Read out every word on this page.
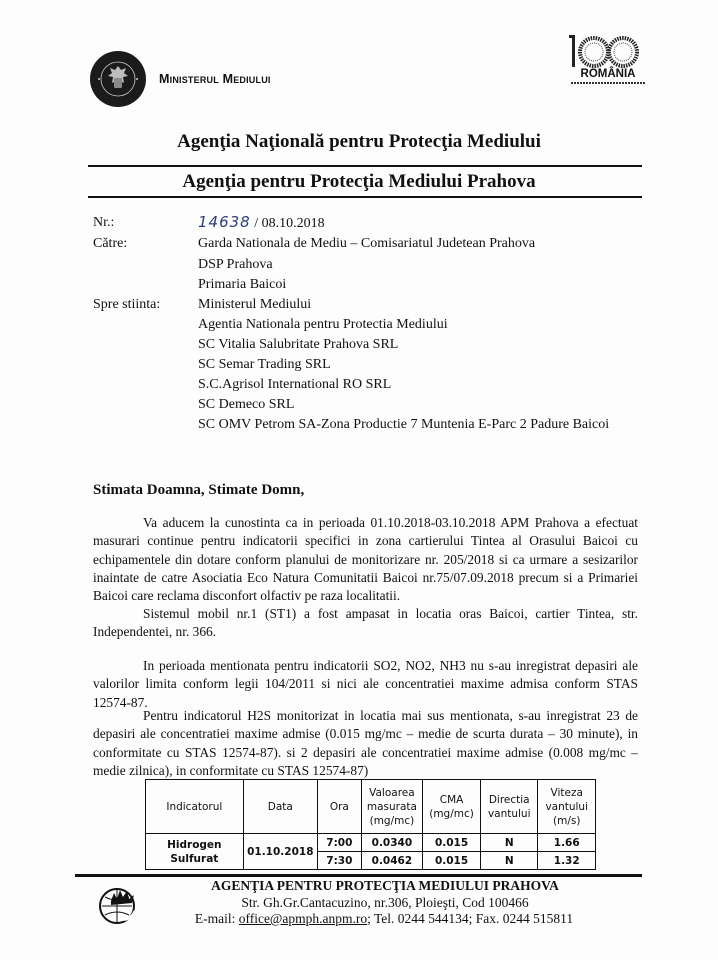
Ministerul Mediului	ROMÂNIA
Agenţia Naţională pentru Protecţia Mediului
Agenţia pentru Protecţia Mediului Prahova
Nr.:	14638 / 08.10.2018
Către:	Garda Nationala de Mediu – Comisariatul Judetean Prahova
DSP Prahova
Primaria Baicoi
Spre stiinta:	Ministerul Mediului
Agentia Nationala pentru Protectia Mediului
SC Vitalia Salubritate Prahova SRL
SC Semar Trading SRL
S.C.Agrisol International RO SRL
SC Demeco SRL
SC OMV Petrom SA-Zona Productie 7 Muntenia E-Parc 2 Padure Baicoi
Stimata Doamna, Stimate Domn,
Va aducem la cunostinta ca in perioada 01.10.2018-03.10.2018 APM Prahova a efectuat masurari continue pentru indicatorii specifici in zona cartierului Tintea al Orasului Baicoi cu echipamentele din dotare conform planului de monitorizare nr. 205/2018 si ca urmare a sesizarilor inaintate de catre Asociatia Eco Natura Comunitatii Baicoi nr.75/07.09.2018 precum si a Primariei Baicoi care reclama disconfort olfactiv pe raza localitatii.
Sistemul mobil nr.1 (ST1) a fost ampasat in locatia oras Baicoi, cartier Tintea, str. Independentei, nr. 366.
In perioada mentionata pentru indicatorii SO2, NO2, NH3 nu s-au inregistrat depasiri ale valorilor limita conform legii 104/2011 si nici ale concentratiei maxime admisa conform STAS 12574-87.
Pentru indicatorul H2S monitorizat in locatia mai sus mentionata, s-au inregistrat 23 de depasiri ale concentratiei maxime admise (0.015 mg/mc – medie de scurta durata – 30 minute), in conformitate cu STAS 12574-87). si 2 depasiri ale concentratiei maxime admise (0.008 mg/mc – medie zilnica), in conformitate cu STAS 12574-87)
Indicatorul	Data	Ora	Valoarea masurata (mg/mc)	CMA (mg/mc)	Directia vantului	Viteza vantului (m/s)
Hidrogen Sulfurat	01.10.2018	7:00	0.0340	0.015	N	1.66
		7:30	0.0462	0.015	N	1.32
AGENŢIA PENTRU PROTECŢIA MEDIULUI PRAHOVA
Str. Gh.Gr.Cantacuzino, nr.306, Ploieşti, Cod 100466
E-mail: office@apmph.anpm.ro; Tel. 0244 544134; Fax. 0244 515811
